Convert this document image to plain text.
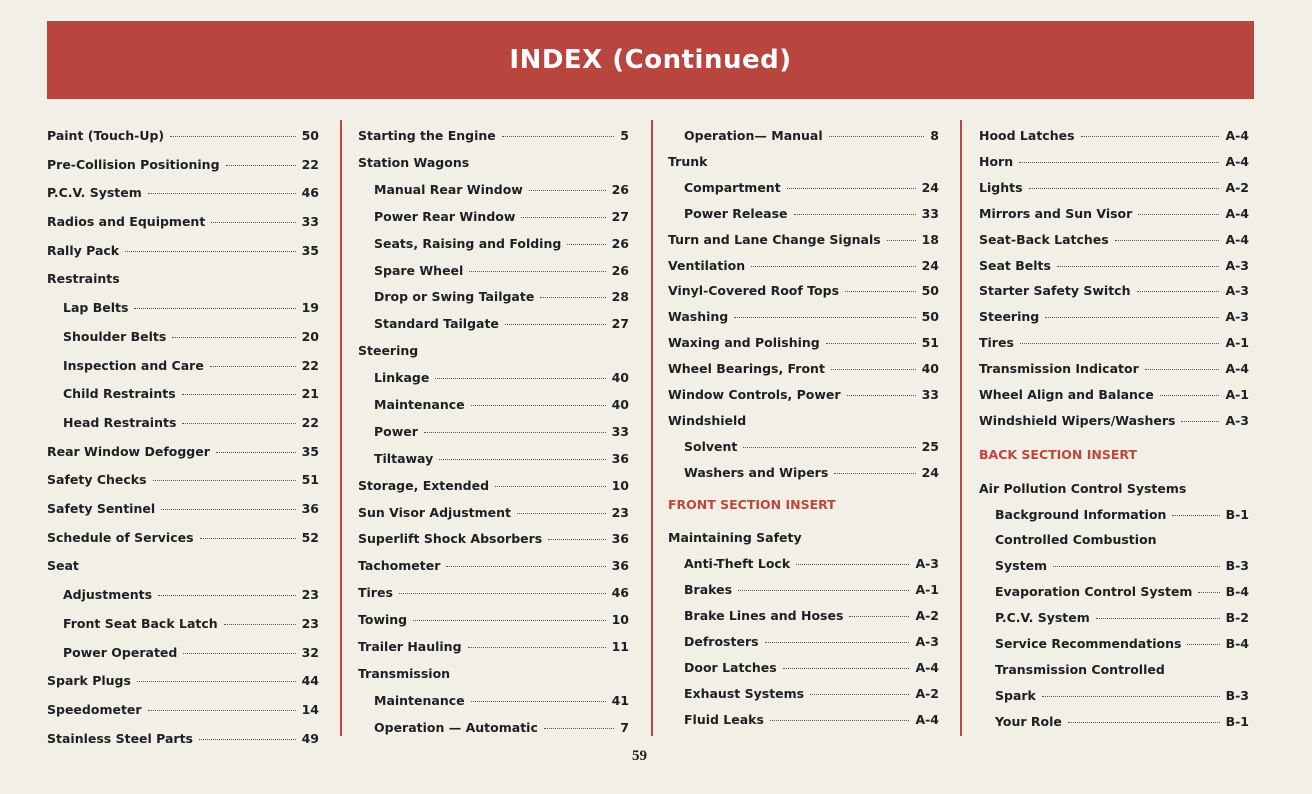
INDEX (Continued)
Paint (Touch-Up)	50
Pre-Collision Positioning	22
P.C.V. System	46
Radios and Equipment	33
Rally Pack	35
Restraints
Lap Belts	19
Shoulder Belts	20
Inspection and Care	22
Child Restraints	21
Head Restraints	22
Rear Window Defogger	35
Safety Checks	51
Safety Sentinel	36
Schedule of Services	52
Seat
Adjustments	23
Front Seat Back Latch	23
Power Operated	32
Spark Plugs	44
Speedometer	14
Stainless Steel Parts	49
Starting the Engine	5
Station Wagons
Manual Rear Window	26
Power Rear Window	27
Seats, Raising and Folding	26
Spare Wheel	26
Drop or Swing Tailgate	28
Standard Tailgate	27
Steering
Linkage	40
Maintenance	40
Power	33
Tiltaway	36
Storage, Extended	10
Sun Visor Adjustment	23
Superlift Shock Absorbers	36
Tachometer	36
Tires	46
Towing	10
Trailer Hauling	11
Transmission
Maintenance	41
Operation — Automatic	7
Operation— Manual	8
Trunk
Compartment	24
Power Release	33
Turn and Lane Change Signals	18
Ventilation	24
Vinyl-Covered Roof Tops	50
Washing	50
Waxing and Polishing	51
Wheel Bearings, Front	40
Window Controls, Power	33
Windshield
Solvent	25
Washers and Wipers	24
FRONT SECTION INSERT
Maintaining Safety
Anti-Theft Lock	A-3
Brakes	A-1
Brake Lines and Hoses	A-2
Defrosters	A-3
Door Latches	A-4
Exhaust Systems	A-2
Fluid Leaks	A-4
Hood Latches	A-4
Horn	A-4
Lights	A-2
Mirrors and Sun Visor	A-4
Seat-Back Latches	A-4
Seat Belts	A-3
Starter Safety Switch	A-3
Steering	A-3
Tires	A-1
Transmission Indicator	A-4
Wheel Align and Balance	A-1
Windshield Wipers/Washers	A-3
BACK SECTION INSERT
Air Pollution Control Systems
Background Information	B-1
Controlled Combustion
System	B-3
Evaporation Control System	B-4
P.C.V. System	B-2
Service Recommendations	B-4
Transmission Controlled
Spark	B-3
Your Role	B-1
59
